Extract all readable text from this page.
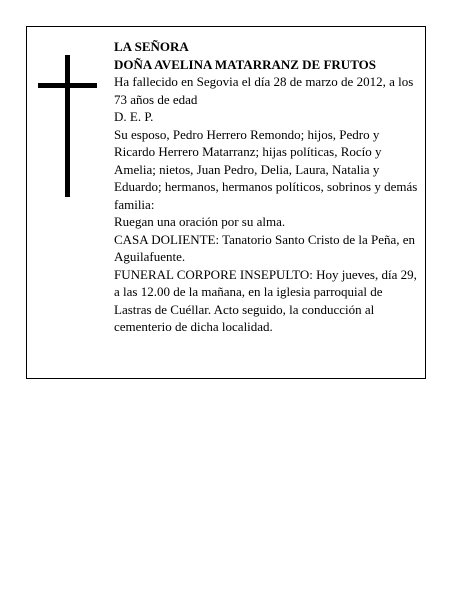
LA SEÑORA

DOÑA AVELINA MATARRANZ DE FRUTOS

Ha fallecido en Segovia el día 28 de marzo de 2012, a los 73 años de edad

D. E. P.

Su esposo, Pedro Herrero Remondo; hijos, Pedro y Ricardo Herrero Matarranz; hijas políticas, Rocío y Amelia; nietos, Juan Pedro, Delia, Laura, Natalia y Eduardo; hermanos, hermanos políticos, sobrinos y demás familia:

Ruegan una oración por su alma.

CASA DOLIENTE: Tanatorio Santo Cristo de la Peña, en Aguilafuente.

FUNERAL CORPORE INSEPULTO: Hoy jueves, día 29, a las 12.00 de la mañana, en la iglesia parroquial de Lastras de Cuéllar. Acto seguido, la conducción al cementerio de dicha localidad.
